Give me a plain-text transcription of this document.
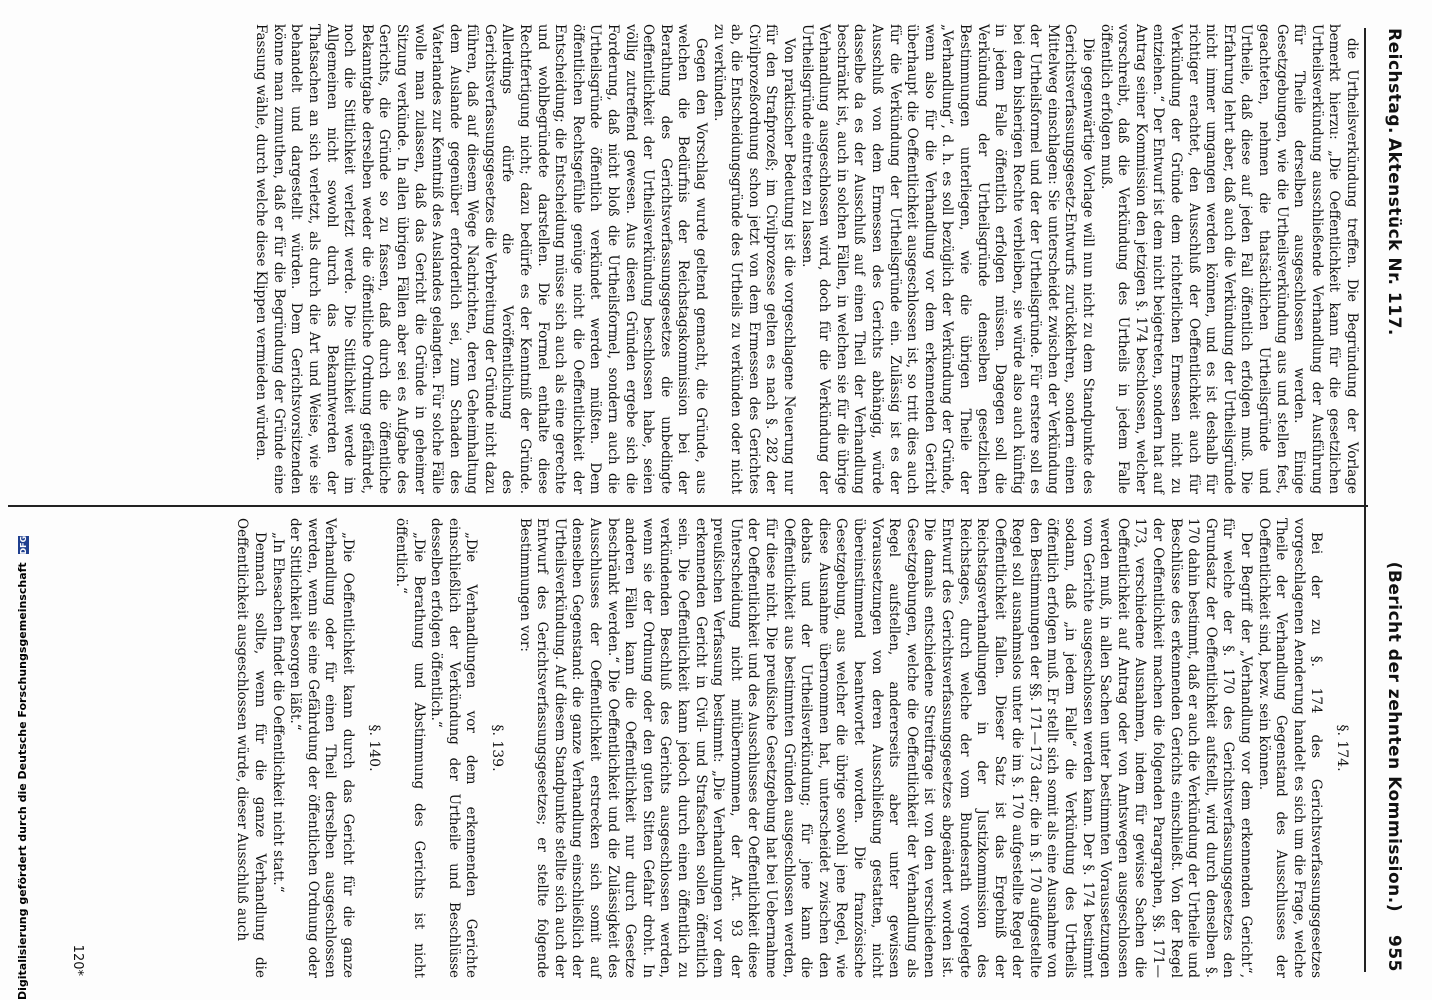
Reichstag.
Aktenstück Nr. 117.
(Bericht der zehnten Kommission.)
955

§. 174.

Bei der zu §. 174 des Gerichtsverfassungsgesetzes vorgeschlagenen Aenderung handelt es sich um die Frage, welche Theile der Verhandlung Gegenstand des Ausschlusses der Oeffentlichkeit sind, bezw. sein können.

Der Begriff der „Verhandlung vor dem erkennenden Gericht“, für welche der §. 170 des Gerichtsverfassungsgesetzes den Grundsatz der Oeffentlichkeit aufstellt, wird durch denselben §. 170 dahin bestimmt, daß er auch die Verkündung der Urtheile und Beschlüsse des erkennenden Gerichts einschließt. Von der Regel der Oeffentlichkeit machen die folgenden Paragraphen, §§. 171—173, verschiedene Ausnahmen, indem für gewisse Sachen die Oeffentlichkeit auf Antrag oder von Amtswegen ausgeschlossen werden muß, in allen Sachen unter bestimmten Voraussetzungen vom Gerichte ausgeschlossen werden kann. Der §. 174 bestimmt sodann, daß „in jedem Falle“ die Verkündung des Urtheils öffentlich erfolgen muß. Er stellt sich somit als eine Ausnahme von den Bestimmungen der §§. 171—173 dar; die in §. 170 aufgestellte Regel soll ausnahmslos unter die im §. 170 aufgestellte Regel der Oeffentlichkeit fallen. Dieser Satz ist das Ergebniß der Reichstagsverhandlungen in der Justizkommission des Reichstages, durch welche der vom Bundesrath vorgelegte Entwurf des Gerichtsverfassungsgesetzes abgeändert worden ist. Die damals entschiedene Streitfrage ist von den verschiedenen Gesetzgebungen, welche die Oeffentlichkeit der Verhandlung als Regel aufstellen, andererseits aber unter gewissen Voraussetzungen von deren Ausschließung gestatten, nicht übereinstimmend beantwortet worden. Die französische Gesetzgebung, aus welcher die übrige sowohl jene Regel, wie diese Ausnahme übernommen hat, unterscheidet zwischen den debats und der Urtheilsverkündung; für jene kann die Oeffentlichkeit aus bestimmten Gründen ausgeschlossen werden, für diese nicht. Die preußische Gesetzgebung hat bei Uebernahme der Oeffentlichkeit und des Ausschlusses der Oeffentlichkeit diese Unterscheidung nicht mitübernommen, der Art. 93 der preußischen Verfassung bestimmt: „Die Verhandlungen vor dem erkennenden Gericht in Civil- und Strafsachen sollen öffentlich sein. Die Oeffentlichkeit kann jedoch durch einen öffentlich zu verkündenden Beschluß des Gerichts ausgeschlossen werden, wenn sie der Ordnung oder den guten Sitten Gefahr droht. In anderen Fällen kann die Oeffentlichkeit nur durch Gesetze beschränkt werden.“ Die Oeffentlichkeit und die Zulässigkeit des Ausschlusses der Oeffentlichkeit erstrecken sich somit auf denselben Gegenstand: die ganze Verhandlung einschließlich der Urtheilsverkündung. Auf diesem Standpunkte stellte sich auch der Entwurf des Gerichtsverfassungsgesetzes; er stellte folgende Bestimmungen vor:

§. 139.

„Die Verhandlungen vor dem erkennenden Gerichte einschließlich der Verkündung der Urtheile und Beschlüsse desselben erfolgen öffentlich.“

„Die Berathung und Abstimmung des Gerichts ist nicht öffentlich.“

§. 140.

„Die Oeffentlichkeit kann durch das Gericht für die ganze Verhandlung oder für einen Theil derselben ausgeschlossen werden, wenn sie eine Gefährdung der öffentlichen Ordnung oder der Sittlichkeit besorgen läßt.“

„In Ehesachen findet die Oeffentlichkeit nicht statt.“

Demnach sollte, wenn für die ganze Verhandlung die Oeffentlichkeit ausgeschlossen würde, dieser Ausschluß auch

die Urtheilsverkündung treffen. Die Begründung der Vorlage bemerkt hierzu: „Die Oeffentlichkeit kann für die gesetzlichen Urtheilsverkündung ausschließende Verhandlung der Ausführung für Theile derselben ausgeschlossen werden. Einige Gesetzgebungen, wie die Urtheilsverkündung aus und stellen fest, geachteten, nehmen die thatsächlichen Urtheilsgründe und Urtheile, daß diese auf jeden Fall öffentlich erfolgen muß. Die Erfahrung lehrt aber, daß auch die Verkündung der Urtheilsgründe nicht immer umgangen werden können, und es ist deshalb für richtiger erachtet, den Ausschluß der Oeffentlichkeit auch für Verkündung der Gründe dem richterlichen Ermessen nicht zu entziehen.“ Der Entwurf ist dem nicht beigetreten, sondern hat auf Antrag seiner Kommission den jetzigen §. 174 beschlossen, welcher vorschreibt, daß die Verkündung des Urtheils in jedem Falle öffentlich erfolgen muß.

Die gegenwärtige Vorlage will nun nicht zu dem Standpunkte des Gerichtsverfassungsgesetz-Entwurfs zurückkehren, sondern einen Mittelweg einschlagen: Sie unterscheidet zwischen der Verkündung der Urtheilsformel und der der Urtheilsgründe. Für erstere soll es bei dem bisherigen Rechte verbleiben, sie würde also auch künftig in jedem Falle öffentlich erfolgen müssen. Dagegen soll die Verkündung der Urtheilsgründe denselben gesetzlichen Bestimmungen unterliegen, wie die übrigen Theile der „Verhandlung“, d. h. es soll bezüglich der Verkündung der Gründe, wenn also für die Verhandlung vor dem erkennenden Gericht überhaupt die Oeffentlichkeit ausgeschlossen ist, so tritt dies auch für die Verkündung der Urtheilsgründe ein. Zulässig ist es der Ausschluß von dem Ermessen des Gerichts abhängig, würde dasselbe da es der Ausschluß auf einen Theil der Verhandlung beschränkt ist, auch in solchen Fällen, in welchen sie für die übrige Verhandlung ausgeschlossen wird, doch für die Verkündung der Urtheilsgründe eintreten zu lassen.

Von praktischer Bedeutung ist die vorgeschlagene Neuerung nur für den Strafprozeß; im Civilprozesse gelten es nach §. 282 der Civilprozeßordnung schon jetzt von dem Ermessen des Gerichtes ab, die Entscheidungsgründe des Urtheils zu verkünden oder nicht zu verkünden.

Gegen den Vorschlag wurde geltend gemacht, die Gründe, aus welchen die Bedürfnis der Reichstagskommission bei der Berathung des Gerichtsverfassungsgesetzes die unbedingte Oeffentlichkeit der Urtheilsverkündung beschlossen habe, seien völlig zutreffend gewesen. Aus diesen Gründen ergebe sich die Forderung, daß nicht bloß die Urtheilsformel, sondern auch die Urtheilsgründe öffentlich verkündet werden müßten. Dem öffentlichen Rechtsgefühle genüge nicht die Oeffentlichkeit der Entscheidung; die Entscheidung müsse sich auch als eine gerechte und wohlbegründete darstellen. Die Formel enthalte diese Rechtfertigung nicht; dazu bedürfe es der Kenntniß der Gründe. Allerdings dürfe die Veröffentlichung des Gerichtsverfassungsgesetzes die Verbreitung der Gründe nicht dazu führen, daß auf diesem Wege Nachrichten, deren Geheimhaltung dem Auslande gegenüber erforderlich sei, zum Schaden des Vaterlandes zur Kenntniß des Auslandes gelangten. Für solche Fälle wolle man zulassen, daß das Gericht die Gründe in geheimer Sitzung verkünde. In allen übrigen Fällen aber sei es Aufgabe des Gerichts, die Gründe so zu fassen, daß durch die öffentliche Bekanntgabe derselben weder die öffentliche Ordnung gefährdet, noch die Sittlichkeit verletzt werde. Die Sittlichkeit werde im Allgemeinen nicht sowohl durch das Bekanntwerden der Thatsachen an sich verletzt, als durch die Art und Weise, wie sie behandelt und dargestellt würden. Dem Gerichtsvorsitzenden könne man zumuthen, daß er für die Begründung der Gründe eine Fassung wähle, durch welche diese Klippen vermieden würden.

120*
Digitalisierung gefördert durch die Deutsche Forschungsgemeinschaft DFG
